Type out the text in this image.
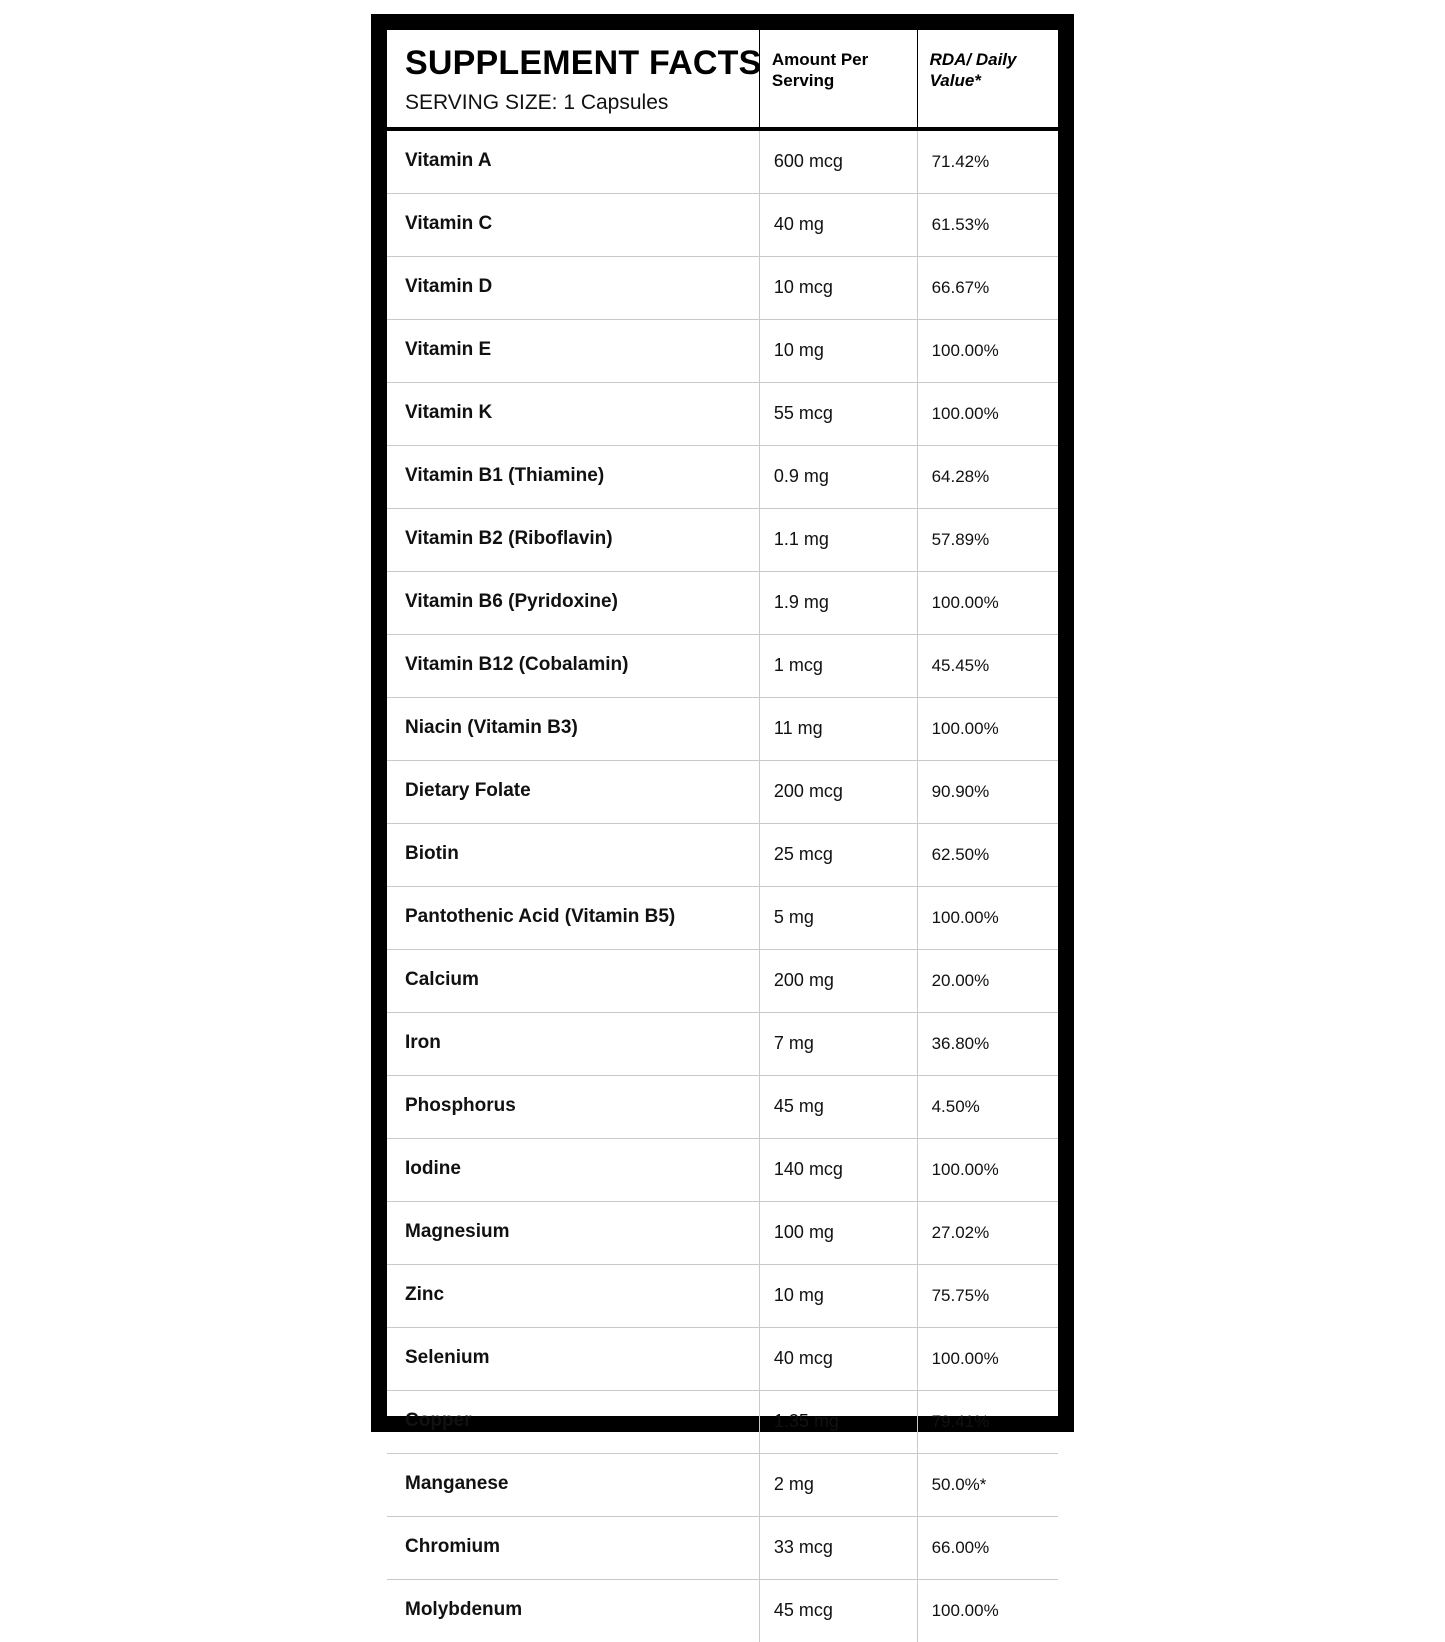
SUPPLEMENT FACTS
SERVING SIZE: 1 Capsules	Amount Per Serving	RDA/ Daily Value*
Vitamin A	600 mcg	71.42%
Vitamin C	40 mg	61.53%
Vitamin D	10 mcg	66.67%
Vitamin E	10 mg	100.00%
Vitamin K	55 mcg	100.00%
Vitamin B1 (Thiamine)	0.9 mg	64.28%
Vitamin B2 (Riboflavin)	1.1 mg	57.89%
Vitamin B6 (Pyridoxine)	1.9 mg	100.00%
Vitamin B12 (Cobalamin)	1 mcg	45.45%
Niacin (Vitamin B3)	11 mg	100.00%
Dietary Folate	200 mcg	90.90%
Biotin	25 mcg	62.50%
Pantothenic Acid (Vitamin B5)	5 mg	100.00%
Calcium	200 mg	20.00%
Iron	7 mg	36.80%
Phosphorus	45 mg	4.50%
Iodine	140 mcg	100.00%
Magnesium	100 mg	27.02%
Zinc	10 mg	75.75%
Selenium	40 mcg	100.00%
Copper	1.35 mg	79.41%
Manganese	2 mg	50.0%*
Chromium	33 mcg	66.00%
Molybdenum	45 mcg	100.00%
